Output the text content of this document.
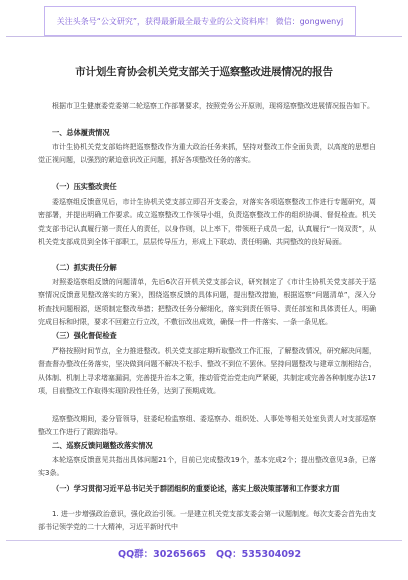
关注头条号“公文研究”，获得最新最全最专业的公文资料库！ 微信：gongwenyj
市计划生育协会机关党支部关于巡察整改进展情况的报告

根据市卫生健康委党委第二轮巡察工作部署要求，按照党务公开原则，现将巡察整改进展情况报告如下。

一、总体履责情况

市计生协机关党支部始终把巡察整改作为重大政治任务来抓，坚持对整改工作全面负责，以高度的思想自觉正视问题，以强烈的紧迫意识改正问题，抓好各项整改任务的落实。

（一）压实整改责任

委巡察组反馈意见后，市计生协机关党支部立即召开支委会，对落实各项巡察整改工作进行专题研究，周密部署，并提出明确工作要求。成立巡察整改工作领导小组，负责巡察整改工作的组织协调、督促检查。机关党支部书记认真履行第一责任人的责任，以身作则，以上率下，带领班子成员一起，认真履行“一岗双责”，从机关党支部成员到全体干部职工，层层传导压力，形成上下联动、责任明确、共同整改的良好局面。

（二）抓实责任分解

对照委巡察组反馈的问题清单，先后6次召开机关党支部会议，研究制定了《市计生协机关党支部关于巡察情况反馈意见整改落实的方案》，围绕巡察反馈的具体问题，提出整改措施，根据巡察“问题清单”，深入分析查找问题根源，逐项制定整改举措；把整改任务分解细化，落实到责任领导、责任部室和具体责任人，明确完成目标和时限，要求不回避立行立改，不敷衍改出成效，确保一件一件落实、一条一条见底。

（三）强化督促检查

严格按照时间节点，全力推进整改。机关党支部定期听取整改工作汇报，了解整改情况，研究解决问题，督查督办整改任务落实，坚决做到问题不解决不松手、整改不到位不罢休。坚持问题整改与建章立制相结合，从体制、机制上寻求堵塞漏洞，完善提升治本之策，推动管党治党走向严紧硬，共制定或完善各种制度办法17项，目前整改工作取得实现阶段性任务，达到了预期成效。

巡察整改期间，委分管领导，驻委纪检监察组、委巡察办、组织处、人事处等相关处室负责人对支部巡察整改工作进行了跟踪指导。

二、巡察反馈问题整改落实情况

本轮巡察反馈意见共指出具体问题21个，目前已完成整改19个，基本完成2个；提出整改意见3条，已落实3条。

（一）学习贯彻习近平总书记关于群团组织的重要论述，落实上级决策部署和工作要求方面

1. 进一步增强政治意识，强化政治引领。一是建立机关党支部支委会第一议题制度。每次支委会首先由支部书记领学党的二十大精神，习近平新时代中

QQ群：30265665 QQ：535304092
